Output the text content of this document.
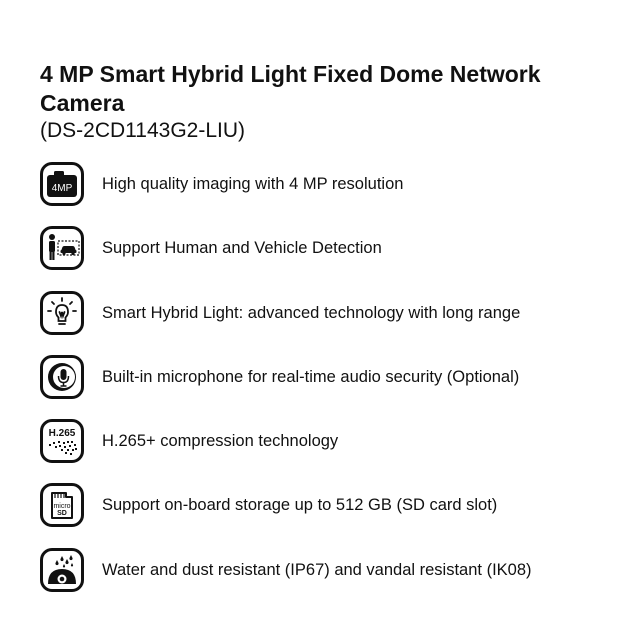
4 MP Smart Hybrid Light Fixed Dome Network Camera

(DS-2CD1143G2-LIU)

4MP High quality imaging with 4 MP resolution
Support Human and Vehicle Detection
Smart Hybrid Light: advanced technology with long range
Built-in microphone for real-time audio security (Optional)
H.265 H.265+ compression technology
micro
SD Support on-board storage up to 512 GB (SD card slot)
Water and dust resistant (IP67) and vandal resistant (IK08)
